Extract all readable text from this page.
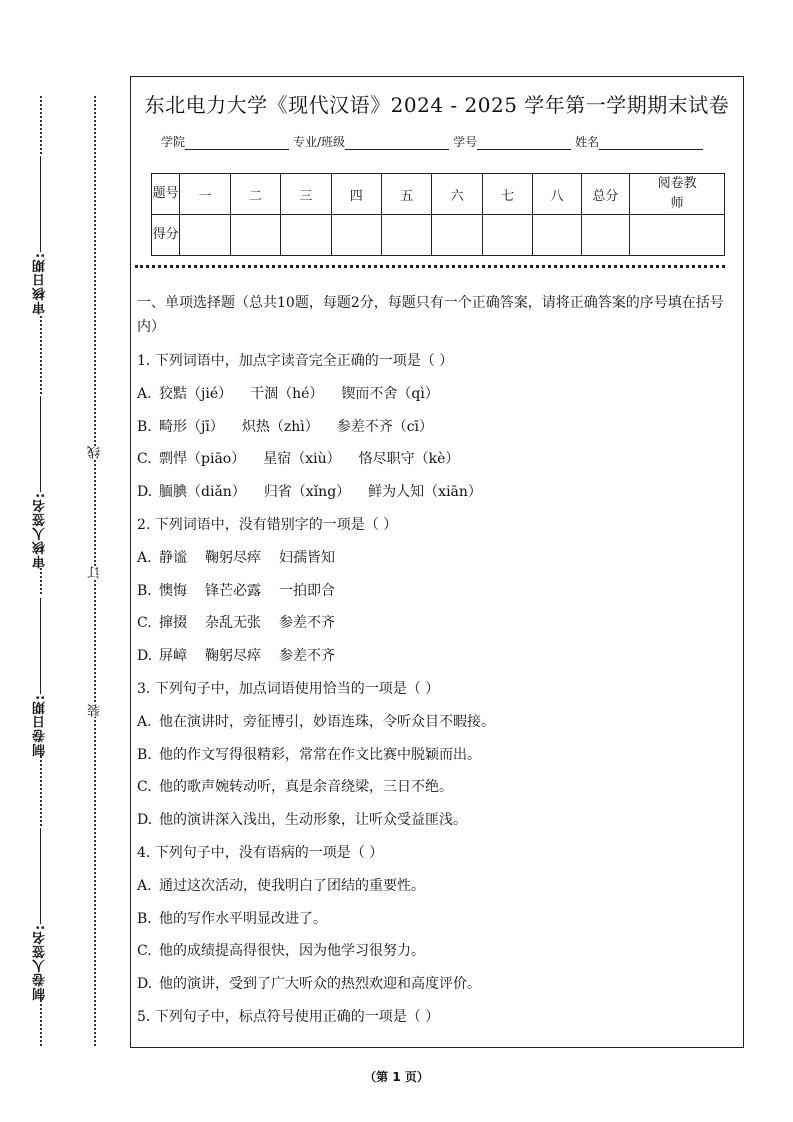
审核日期:
审核人签名:
制卷日期:
制卷人签名:
线
订
装
东北电力大学《现代汉语》2024 - 2025 学年第一学期期末试卷
学院	专业/班级	学号	姓名
题号	一	二	三	四	五	六	七	八	总分	阅卷教师
得分										

一、单项选择题（总共10题，每题2分，每题只有一个正确答案，请将正确答案的序号填在括号内）

1. 下列词语中，加点字读音完全正确的一项是（ ）
A. 狡黠（jié） 干涸（hé） 锲而不舍（qì）
B. 畸形（jī） 炽热（zhì） 参差不齐（cī）
C. 剽悍（piāo） 星宿（xiù） 恪尽职守（kè）
D. 腼腆（diǎn） 归省（xǐng） 鲜为人知（xiān）
2. 下列词语中，没有错别字的一项是（ ）
A. 静谧 鞠躬尽瘁 妇孺皆知
B. 懊悔 锋芒必露 一拍即合
C. 撺掇 杂乱无张 参差不齐
D. 屏嶂 鞠躬尽瘁 参差不齐
3. 下列句子中，加点词语使用恰当的一项是（ ）
A. 他在演讲时，旁征博引，妙语连珠，令听众目不暇接。
B. 他的作文写得很精彩，常常在作文比赛中脱颖而出。
C. 他的歌声婉转动听，真是余音绕梁，三日不绝。
D. 他的演讲深入浅出，生动形象，让听众受益匪浅。
4. 下列句子中，没有语病的一项是（ ）
A. 通过这次活动，使我明白了团结的重要性。
B. 他的写作水平明显改进了。
C. 他的成绩提高得很快，因为他学习很努力。
D. 他的演讲，受到了广大听众的热烈欢迎和高度评价。
5. 下列句子中，标点符号使用正确的一项是（ ）
（第 1 页）
